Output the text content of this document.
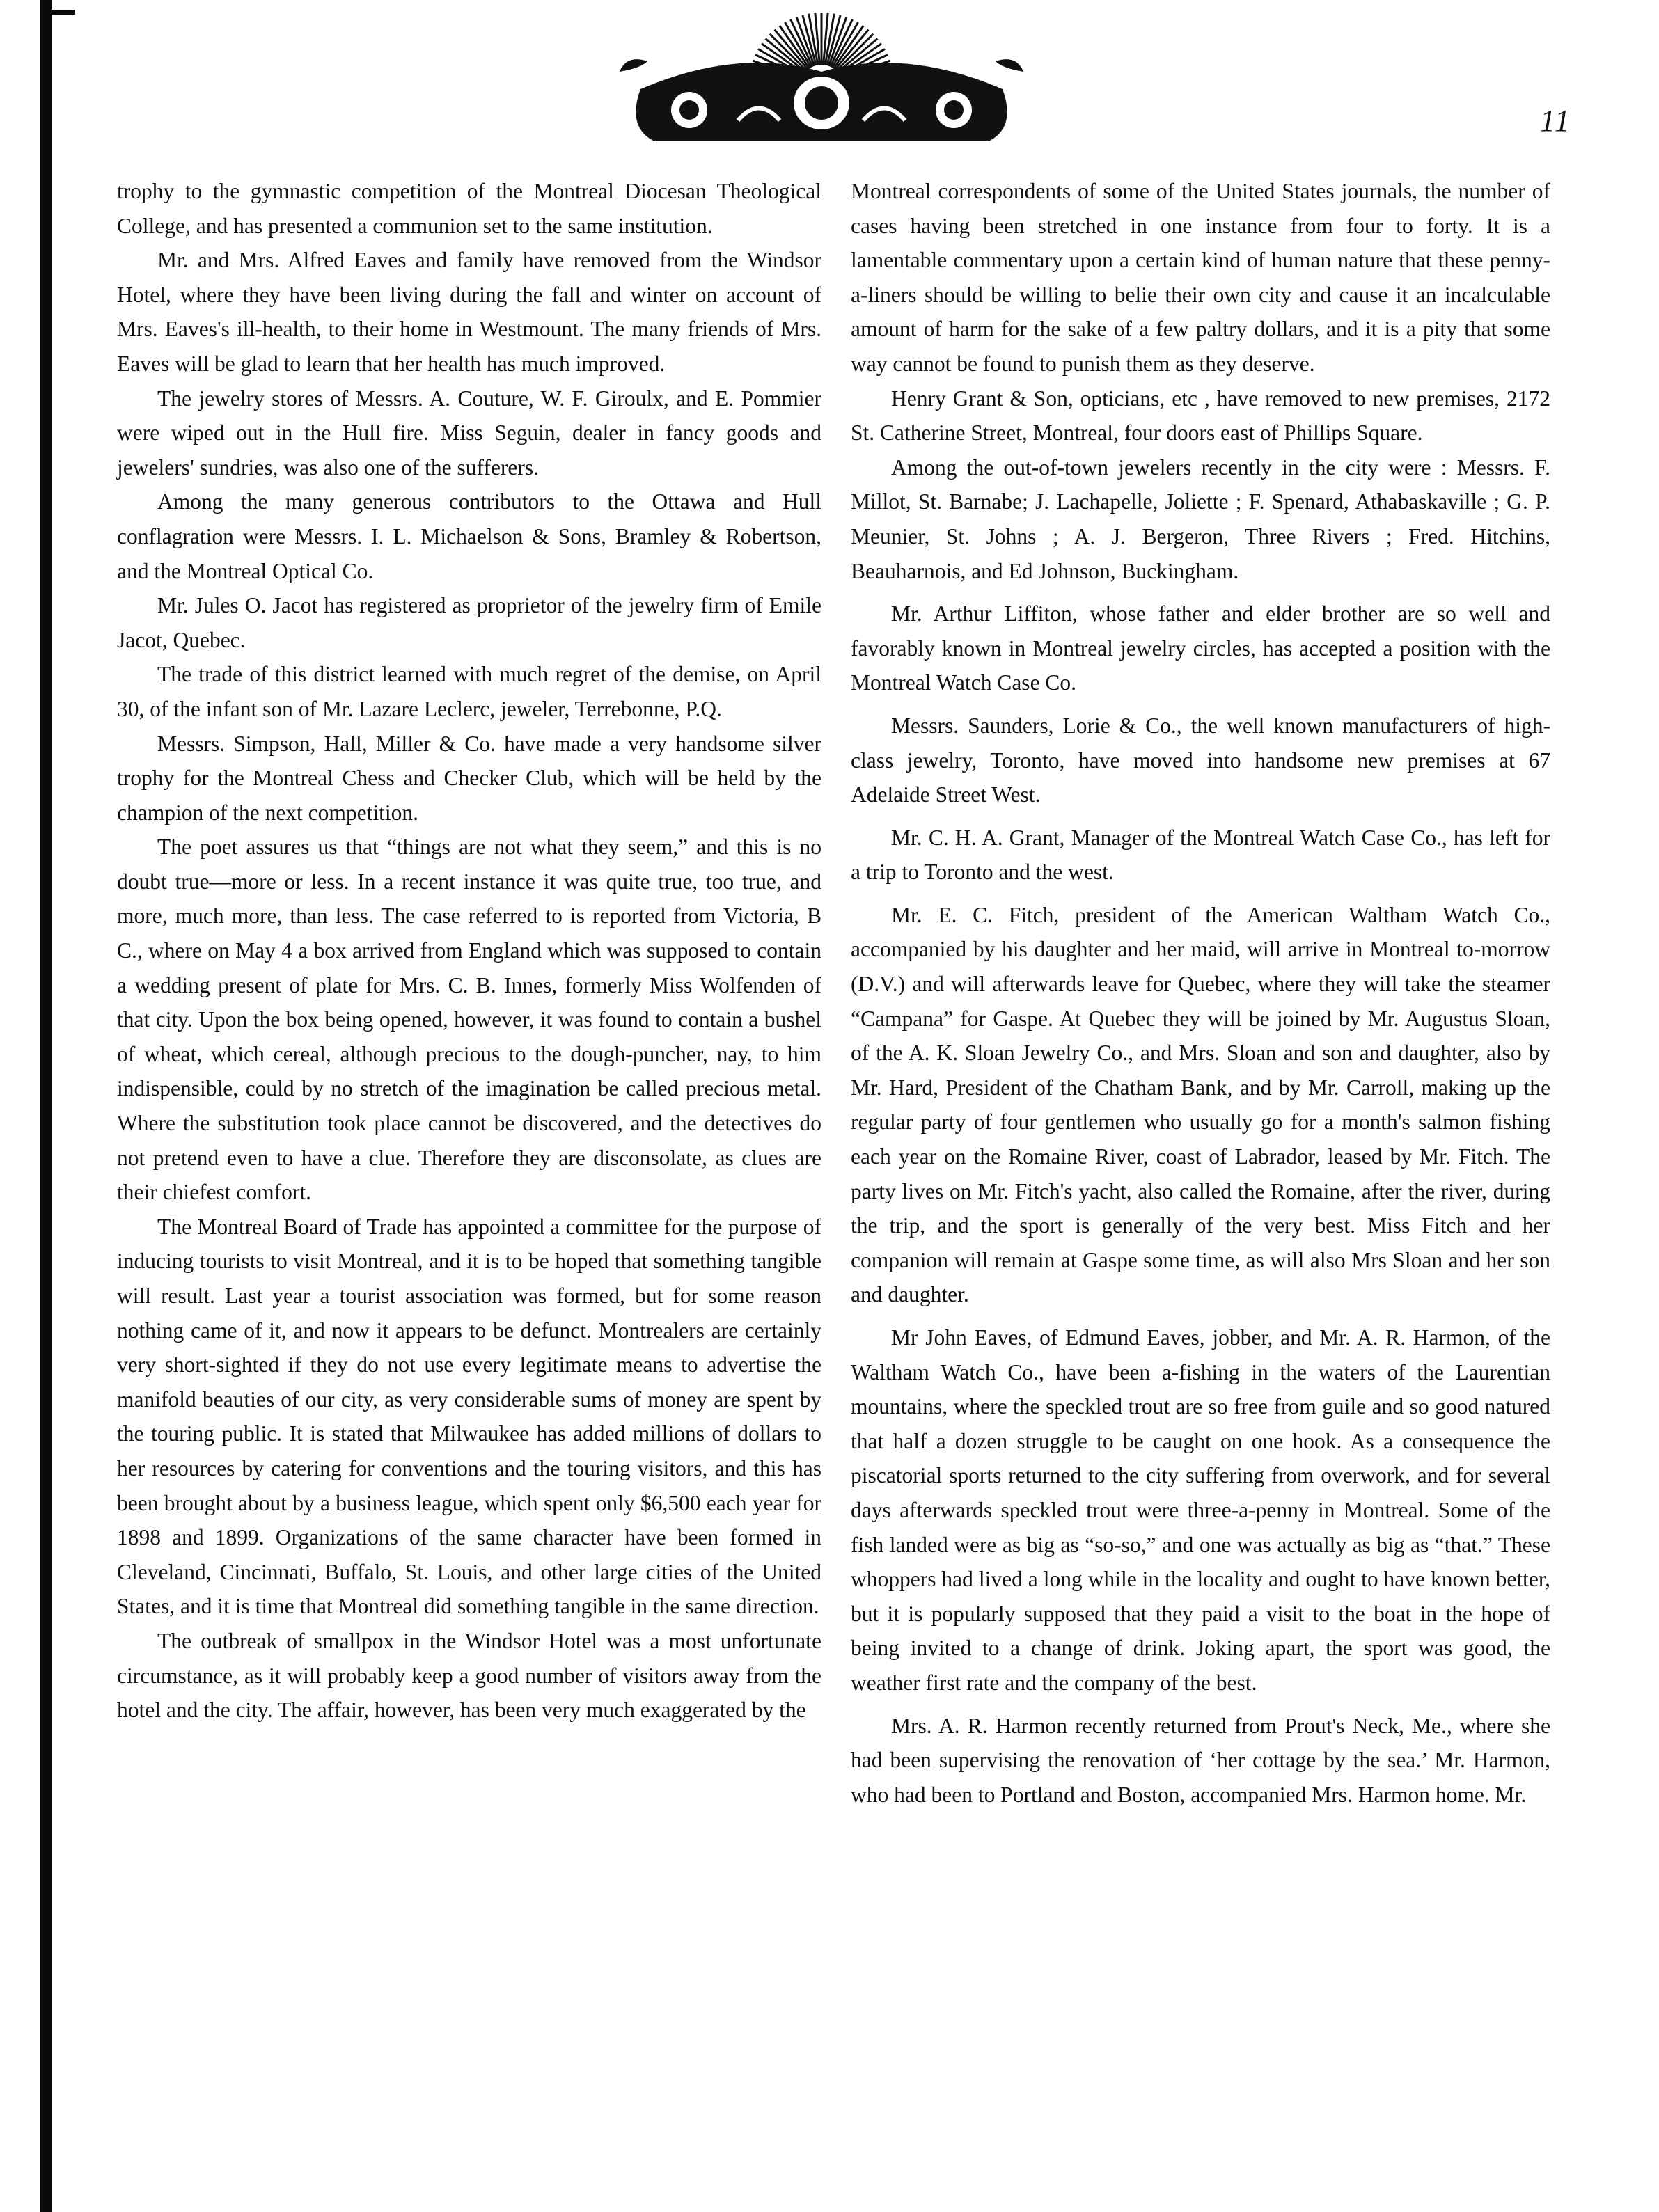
11

trophy to the gymnastic competition of the Montreal Diocesan Theological College, and has presented a communion set to the same institution.

Mr. and Mrs. Alfred Eaves and family have removed from the Windsor Hotel, where they have been living during the fall and winter on account of Mrs. Eaves's ill-health, to their home in Westmount. The many friends of Mrs. Eaves will be glad to learn that her health has much improved.

The jewelry stores of Messrs. A. Couture, W. F. Giroulx, and E. Pommier were wiped out in the Hull fire. Miss Seguin, dealer in fancy goods and jewelers' sundries, was also one of the sufferers.

Among the many generous contributors to the Ottawa and Hull conflagration were Messrs. I. L. Michaelson & Sons, Bramley & Robertson, and the Montreal Optical Co.

Mr. Jules O. Jacot has registered as proprietor of the jewelry firm of Emile Jacot, Quebec.

The trade of this district learned with much regret of the demise, on April 30, of the infant son of Mr. Lazare Leclerc, jeweler, Terrebonne, P.Q.

Messrs. Simpson, Hall, Miller & Co. have made a very handsome silver trophy for the Montreal Chess and Checker Club, which will be held by the champion of the next competition.

The poet assures us that “things are not what they seem,” and this is no doubt true—more or less. In a recent instance it was quite true, too true, and more, much more, than less. The case referred to is reported from Victoria, B C., where on May 4 a box arrived from England which was supposed to contain a wedding present of plate for Mrs. C. B. Innes, formerly Miss Wolfenden of that city. Upon the box being opened, however, it was found to contain a bushel of wheat, which cereal, although precious to the dough-puncher, nay, to him indispensible, could by no stretch of the imagination be called precious metal. Where the substitution took place cannot be discovered, and the detectives do not pretend even to have a clue. Therefore they are disconsolate, as clues are their chiefest comfort.

The Montreal Board of Trade has appointed a committee for the purpose of inducing tourists to visit Montreal, and it is to be hoped that something tangible will result. Last year a tourist association was formed, but for some reason nothing came of it, and now it appears to be defunct. Montrealers are certainly very short-sighted if they do not use every legitimate means to advertise the manifold beauties of our city, as very considerable sums of money are spent by the touring public. It is stated that Milwaukee has added millions of dollars to her resources by catering for conventions and the touring visitors, and this has been brought about by a business league, which spent only $6,500 each year for 1898 and 1899. Organizations of the same character have been formed in Cleveland, Cincinnati, Buffalo, St. Louis, and other large cities of the United States, and it is time that Montreal did something tangible in the same direction.

The outbreak of smallpox in the Windsor Hotel was a most unfortunate circumstance, as it will probably keep a good number of visitors away from the hotel and the city. The affair, however, has been very much exaggerated by the

Montreal correspondents of some of the United States journals, the number of cases having been stretched in one instance from four to forty. It is a lamentable commentary upon a certain kind of human nature that these penny-a-liners should be willing to belie their own city and cause it an incalculable amount of harm for the sake of a few paltry dollars, and it is a pity that some way cannot be found to punish them as they deserve.

Henry Grant & Son, opticians, etc , have removed to new premises, 2172 St. Catherine Street, Montreal, four doors east of Phillips Square.

Among the out-of-town jewelers recently in the city were : Messrs. F. Millot, St. Barnabe; J. Lachapelle, Joliette ; F. Spenard, Athabaskaville ; G. P. Meunier, St. Johns ; A. J. Bergeron, Three Rivers ; Fred. Hitchins, Beauharnois, and Ed Johnson, Buckingham.

Mr. Arthur Liffiton, whose father and elder brother are so well and favorably known in Montreal jewelry circles, has accepted a position with the Montreal Watch Case Co.

Messrs. Saunders, Lorie & Co., the well known manufacturers of high-class jewelry, Toronto, have moved into handsome new premises at 67 Adelaide Street West.

Mr. C. H. A. Grant, Manager of the Montreal Watch Case Co., has left for a trip to Toronto and the west.

Mr. E. C. Fitch, president of the American Waltham Watch Co., accompanied by his daughter and her maid, will arrive in Montreal to-morrow (D.V.) and will afterwards leave for Quebec, where they will take the steamer “Campana” for Gaspe. At Quebec they will be joined by Mr. Augustus Sloan, of the A. K. Sloan Jewelry Co., and Mrs. Sloan and son and daughter, also by Mr. Hard, President of the Chatham Bank, and by Mr. Carroll, making up the regular party of four gentlemen who usually go for a month's salmon fishing each year on the Romaine River, coast of Labrador, leased by Mr. Fitch. The party lives on Mr. Fitch's yacht, also called the Romaine, after the river, during the trip, and the sport is generally of the very best. Miss Fitch and her companion will remain at Gaspe some time, as will also Mrs Sloan and her son and daughter.

Mr John Eaves, of Edmund Eaves, jobber, and Mr. A. R. Harmon, of the Waltham Watch Co., have been a-fishing in the waters of the Laurentian mountains, where the speckled trout are so free from guile and so good natured that half a dozen struggle to be caught on one hook. As a consequence the piscatorial sports returned to the city suffering from overwork, and for several days afterwards speckled trout were three-a-penny in Montreal. Some of the fish landed were as big as “so-so,” and one was actually as big as “that.” These whoppers had lived a long while in the locality and ought to have known better, but it is popularly supposed that they paid a visit to the boat in the hope of being invited to a change of drink. Joking apart, the sport was good, the weather first rate and the company of the best.

Mrs. A. R. Harmon recently returned from Prout's Neck, Me., where she had been supervising the renovation of ‘her cottage by the sea.’ Mr. Harmon, who had been to Portland and Boston, accompanied Mrs. Harmon home. Mr.
